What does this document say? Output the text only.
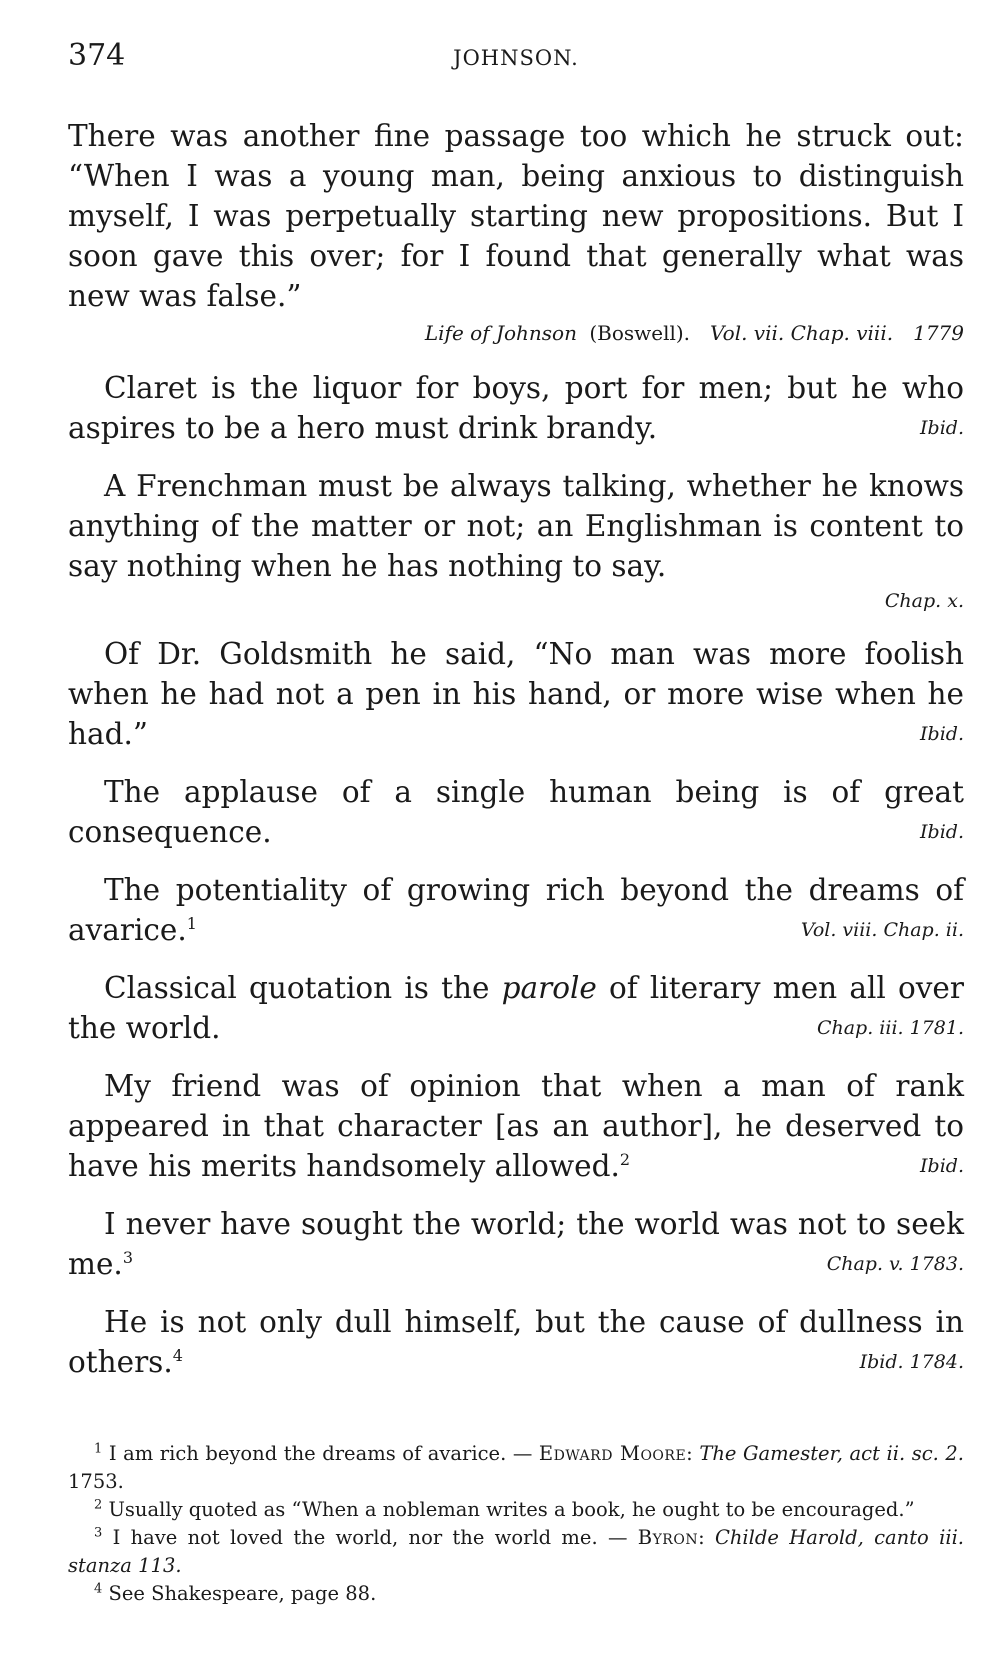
374	JOHNSON.

There was another fine passage too which he struck out: “When I was a young man, being anxious to distinguish myself, I was perpetually starting new propositions. But I soon gave this over; for I found that generally what was new was false.”
Life of Johnson (Boswell). Vol. vii. Chap. viii. 1779

Claret is the liquor for boys, port for men; but he who aspires to be a hero must drink brandy.	Ibid.

A Frenchman must be always talking, whether he knows anything of the matter or not; an Englishman is content to say nothing when he has nothing to say.
Chap. x.

Of Dr. Goldsmith he said, “No man was more foolish when he had not a pen in his hand, or more wise when he had.”	Ibid.

The applause of a single human being is of great consequence.	Ibid.

The potentiality of growing rich beyond the dreams of avarice.$^1$	Vol. viii. Chap. ii.

Classical quotation is the parole of literary men all over the world.	Chap. iii. 1781.

My friend was of opinion that when a man of rank appeared in that character [as an author], he deserved to have his merits handsomely allowed.$^2$	Ibid.

I never have sought the world; the world was not to seek me.$^3$	Chap. v. 1783.

He is not only dull himself, but the cause of dullness in others.$^4$	Ibid. 1784.

$^1$ I am rich beyond the dreams of avarice. — Edward Moore: The Gamester, act ii. sc. 2. 1753.

$^2$ Usually quoted as “When a nobleman writes a book, he ought to be encouraged.”

$^3$ I have not loved the world, nor the world me. — Byron: Childe Harold, canto iii. stanza 113.

$^4$ See Shakespeare, page 88.
